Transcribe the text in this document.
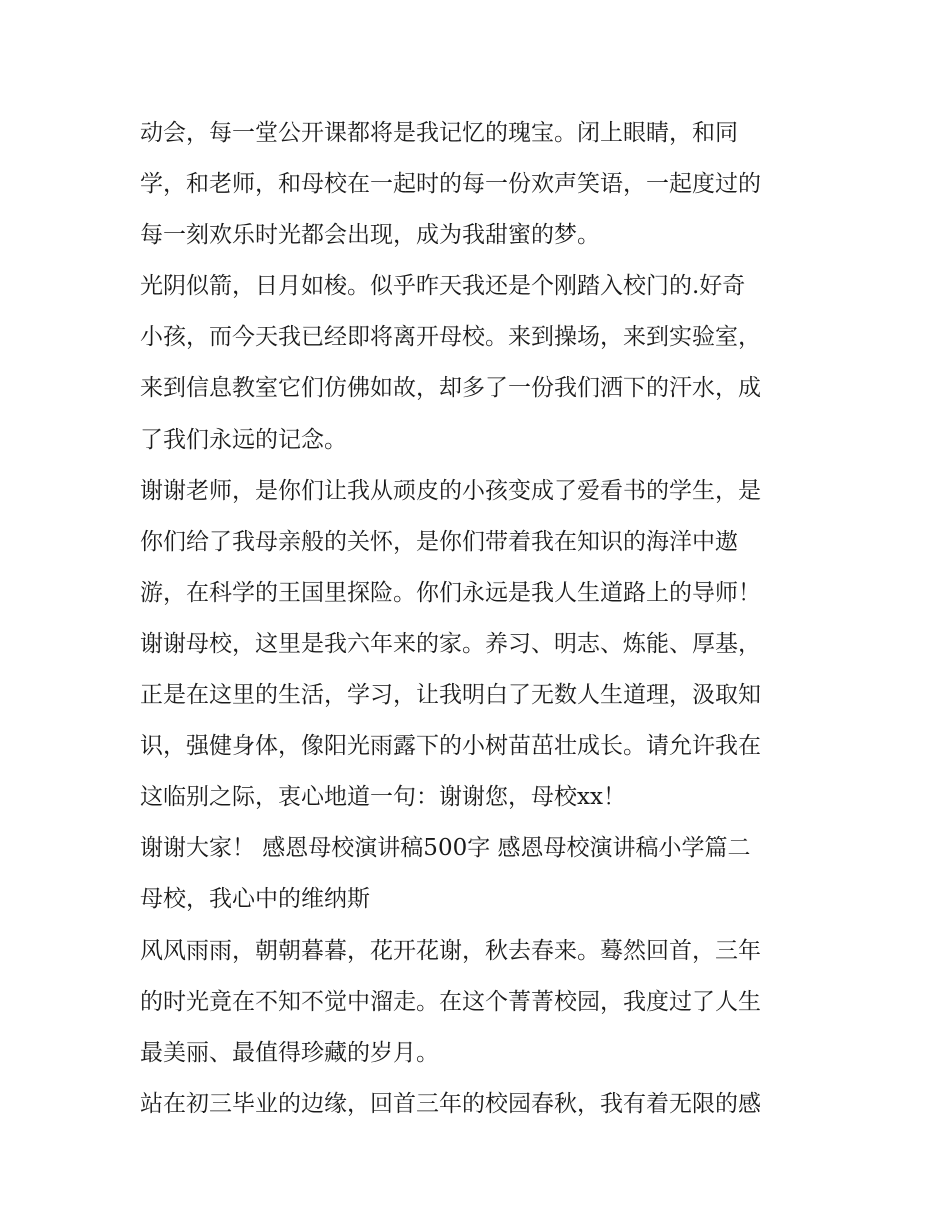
动会，每一堂公开课都将是我记忆的瑰宝。闭上眼睛，和同
学，和老师，和母校在一起时的每一份欢声笑语，一起度过的
每一刻欢乐时光都会出现，成为我甜蜜的梦。
光阴似箭，日月如梭。似乎昨天我还是个刚踏入校门的.好奇
小孩，而今天我已经即将离开母校。来到操场，来到实验室，
来到信息教室它们仿佛如故，却多了一份我们洒下的汗水，成
了我们永远的记念。
谢谢老师，是你们让我从顽皮的小孩变成了爱看书的学生，是
你们给了我母亲般的关怀，是你们带着我在知识的海洋中遨
游，在科学的王国里探险。你们永远是我人生道路上的导师！
谢谢母校，这里是我六年来的家。养习、明志、炼能、厚基，
正是在这里的生活，学习，让我明白了无数人生道理，汲取知
识，强健身体，像阳光雨露下的小树苗茁壮成长。请允许我在
这临别之际，衷心地道一句：谢谢您，母校xx！
谢谢大家！ 感恩母校演讲稿500字 感恩母校演讲稿小学篇二
母校，我心中的维纳斯
风风雨雨，朝朝暮暮，花开花谢，秋去春来。蓦然回首，三年
的时光竟在不知不觉中溜走。在这个菁菁校园，我度过了人生
最美丽、最值得珍藏的岁月。
站在初三毕业的边缘，回首三年的校园春秋，我有着无限的感
